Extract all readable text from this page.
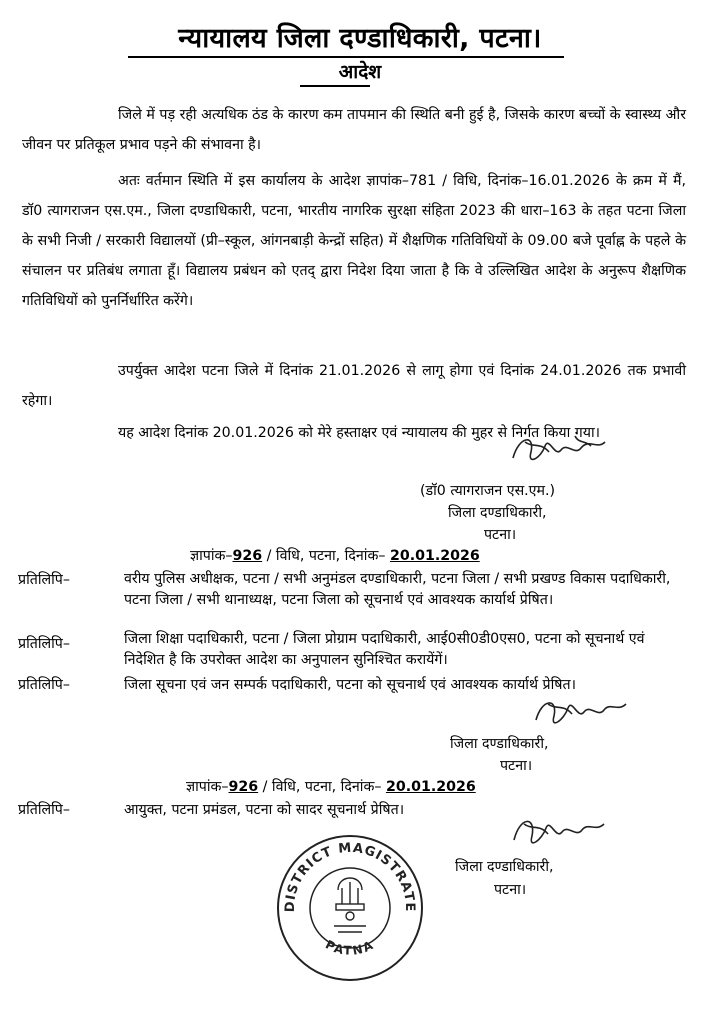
न्यायालय जिला दण्डाधिकारी, पटना।
आदेश
जिले में पड़ रही अत्यधिक ठंड के कारण कम तापमान की स्थिति बनी हुई है, जिसके कारण बच्चों के स्वास्थ्य और जीवन पर प्रतिकूल प्रभाव पड़ने की संभावना है।
अतः वर्तमान स्थिति में इस कार्यालय के आदेश ज्ञापांक–781 / विधि, दिनांक–16.01.2026 के क्रम में मैं, डॉ0 त्यागराजन एस.एम., जिला दण्डाधिकारी, पटना, भारतीय नागरिक सुरक्षा संहिता 2023 की धारा–163 के तहत पटना जिला के सभी निजी / सरकारी विद्यालयों (प्री–स्कूल, आंगनबाड़ी केन्द्रों सहित) में शैक्षणिक गतिविधियों के 09.00 बजे पूर्वाह्न के पहले के संचालन पर प्रतिबंध लगाता हूँ। विद्यालय प्रबंधन को एतद् द्वारा निदेश दिया जाता है कि वे उल्लिखित आदेश के अनुरूप शैक्षणिक गतिविधियों को पुनर्निर्धारित करेंगे।
उपर्युक्त आदेश पटना जिले में दिनांक 21.01.2026 से लागू होगा एवं दिनांक 24.01.2026 तक प्रभावी रहेगा।
यह आदेश दिनांक 20.01.2026 को मेरे हस्ताक्षर एवं न्यायालय की मुहर से निर्गत किया गया।
(डॉ0 त्यागराजन एस.एम.)
जिला दण्डाधिकारी,
पटना।
ज्ञापांक–926 / विधि, पटना, दिनांक– 20.01.2026
प्रतिलिपि–	वरीय पुलिस अधीक्षक, पटना / सभी अनुमंडल दण्डाधिकारी, पटना जिला / सभी प्रखण्ड विकास पदाधिकारी, पटना जिला / सभी थानाध्यक्ष, पटना जिला को सूचनार्थ एवं आवश्यक कार्यार्थ प्रेषित।
प्रतिलिपि–	जिला शिक्षा पदाधिकारी, पटना / जिला प्रोग्राम पदाधिकारी, आई0सी0डी0एस0, पटना को सूचनार्थ एवं निदेशित है कि उपरोक्त आदेश का अनुपालन सुनिश्चित करायेंगें।
प्रतिलिपि–	जिला सूचना एवं जन सम्पर्क पदाधिकारी, पटना को सूचनार्थ एवं आवश्यक कार्यार्थ प्रेषित।
जिला दण्डाधिकारी,
पटना।
ज्ञापांक–926 / विधि, पटना, दिनांक– 20.01.2026
प्रतिलिपि–	आयुक्त, पटना प्रमंडल, पटना को सादर सूचनार्थ प्रेषित।
जिला दण्डाधिकारी,
पटना।
DISTRICT MAGISTRATE
PATNA
